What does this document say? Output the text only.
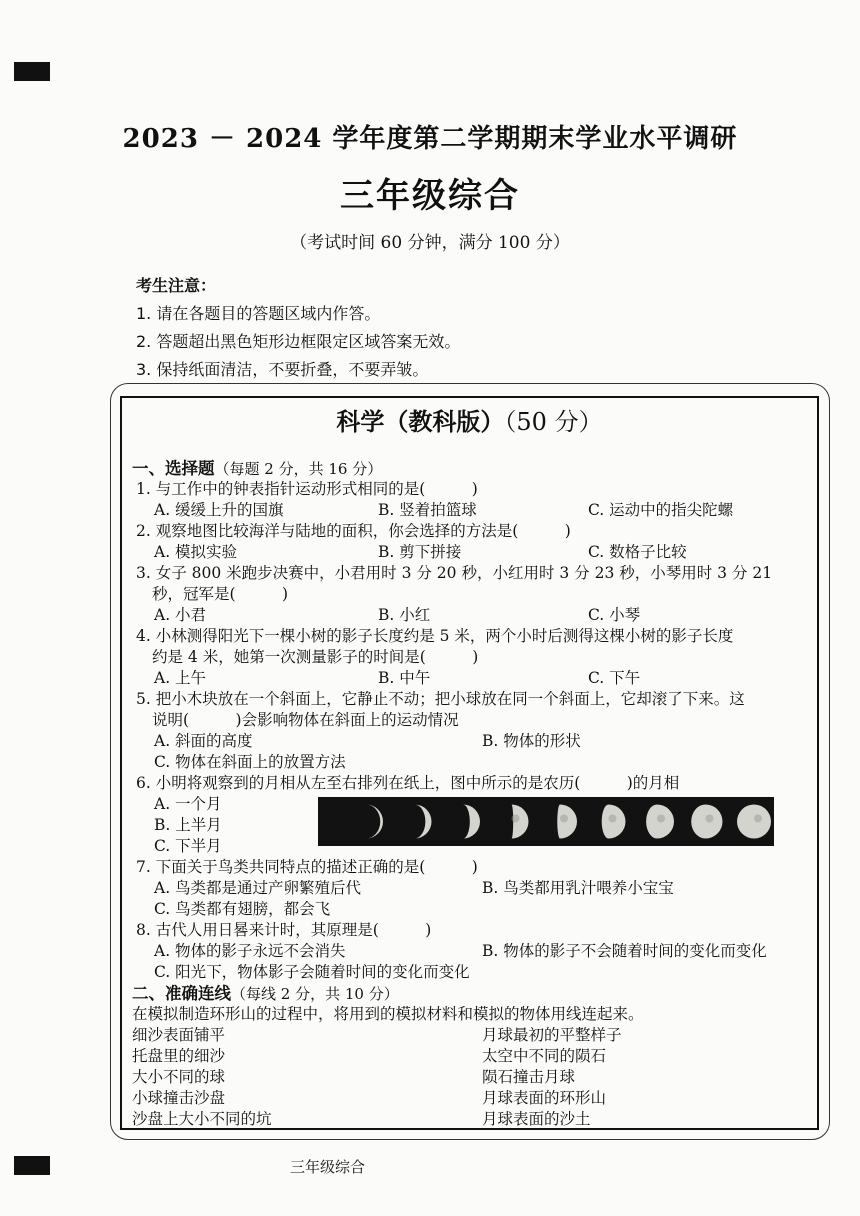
2023 － 2024 学年度第二学期期末学业水平调研
三年级综合
（考试时间 60 分钟，满分 100 分）
考生注意：
1. 请在各题目的答题区域内作答。
2. 答题超出黑色矩形边框限定区域答案无效。
3. 保持纸面清洁，不要折叠，不要弄皱。
科学（教科版）（50 分）
一、选择题（每题 2 分，共 16 分）
1. 与工作中的钟表指针运动形式相同的是(　　　)
A. 缓缓上升的国旗	B. 竖着拍篮球	C. 运动中的指尖陀螺
2. 观察地图比较海洋与陆地的面积，你会选择的方法是(　　　)
A. 模拟实验	B. 剪下拼接	C. 数格子比较
3. 女子 800 米跑步决赛中，小君用时 3 分 20 秒，小红用时 3 分 23 秒，小琴用时 3 分 21
秒，冠军是(　　　)
A. 小君	B. 小红	C. 小琴
4. 小林测得阳光下一棵小树的影子长度约是 5 米，两个小时后测得这棵小树的影子长度
约是 4 米，她第一次测量影子的时间是(　　　)
A. 上午	B. 中午	C. 下午
5. 把小木块放在一个斜面上，它静止不动；把小球放在同一个斜面上，它却滚了下来。这
说明(　　　)会影响物体在斜面上的运动情况
A. 斜面的高度	B. 物体的形状
C. 物体在斜面上的放置方法
6. 小明将观察到的月相从左至右排列在纸上，图中所示的是农历(　　　)的月相
A. 一个月
B. 上半月
C. 下半月
7. 下面关于鸟类共同特点的描述正确的是(　　　)
A. 鸟类都是通过产卵繁殖后代	B. 鸟类都用乳汁喂养小宝宝
C. 鸟类都有翅膀，都会飞
8. 古代人用日晷来计时，其原理是(　　　)
A. 物体的影子永远不会消失	B. 物体的影子不会随着时间的变化而变化
C. 阳光下，物体影子会随着时间的变化而变化
二、准确连线（每线 2 分，共 10 分）
在模拟制造环形山的过程中，将用到的模拟材料和模拟的物体用线连起来。
细沙表面铺平	月球最初的平整样子
托盘里的细沙	太空中不同的陨石
大小不同的球	陨石撞击月球
小球撞击沙盘	月球表面的环形山
沙盘上大小不同的坑	月球表面的沙土
三年级综合
